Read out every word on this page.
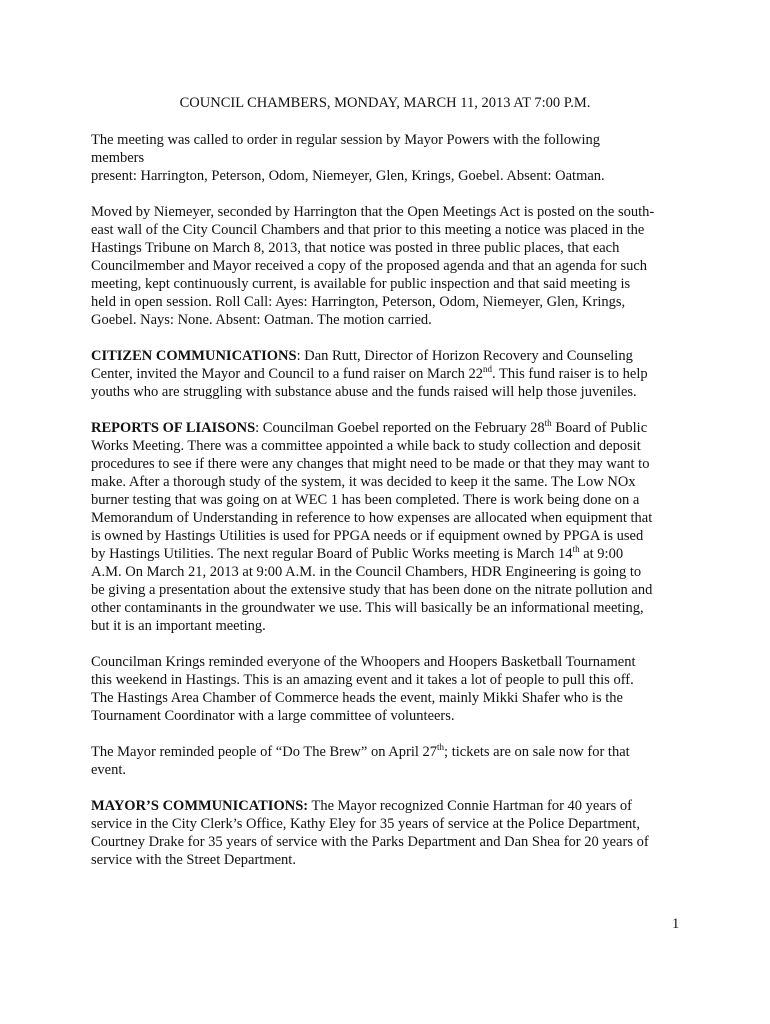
COUNCIL CHAMBERS, MONDAY, MARCH 11, 2013 AT 7:00 P.M.
The meeting was called to order in regular session by Mayor Powers with the following
members
present: Harrington, Peterson, Odom, Niemeyer, Glen, Krings, Goebel. Absent: Oatman.
Moved by Niemeyer, seconded by Harrington that the Open Meetings Act is posted on the south-
east wall of the City Council Chambers and that prior to this meeting a notice was placed in the
Hastings Tribune on March 8, 2013, that notice was posted in three public places, that each
Councilmember and Mayor received a copy of the proposed agenda and that an agenda for such
meeting, kept continuously current, is available for public inspection and that said meeting is
held in open session. Roll Call: Ayes: Harrington, Peterson, Odom, Niemeyer, Glen, Krings,
Goebel. Nays: None. Absent: Oatman. The motion carried.
CITIZEN COMMUNICATIONS: Dan Rutt, Director of Horizon Recovery and Counseling
Center, invited the Mayor and Council to a fund raiser on March 22nd. This fund raiser is to help
youths who are struggling with substance abuse and the funds raised will help those juveniles.
REPORTS OF LIAISONS: Councilman Goebel reported on the February 28th Board of Public
Works Meeting. There was a committee appointed a while back to study collection and deposit
procedures to see if there were any changes that might need to be made or that they may want to
make. After a thorough study of the system, it was decided to keep it the same. The Low NOx
burner testing that was going on at WEC 1 has been completed. There is work being done on a
Memorandum of Understanding in reference to how expenses are allocated when equipment that
is owned by Hastings Utilities is used for PPGA needs or if equipment owned by PPGA is used
by Hastings Utilities. The next regular Board of Public Works meeting is March 14th at 9:00
A.M. On March 21, 2013 at 9:00 A.M. in the Council Chambers, HDR Engineering is going to
be giving a presentation about the extensive study that has been done on the nitrate pollution and
other contaminants in the groundwater we use. This will basically be an informational meeting,
but it is an important meeting.
Councilman Krings reminded everyone of the Whoopers and Hoopers Basketball Tournament
this weekend in Hastings. This is an amazing event and it takes a lot of people to pull this off.
The Hastings Area Chamber of Commerce heads the event, mainly Mikki Shafer who is the
Tournament Coordinator with a large committee of volunteers.
The Mayor reminded people of “Do The Brew” on April 27th; tickets are on sale now for that
event.
MAYOR’S COMMUNICATIONS: The Mayor recognized Connie Hartman for 40 years of
service in the City Clerk’s Office, Kathy Eley for 35 years of service at the Police Department,
Courtney Drake for 35 years of service with the Parks Department and Dan Shea for 20 years of
service with the Street Department.
1
